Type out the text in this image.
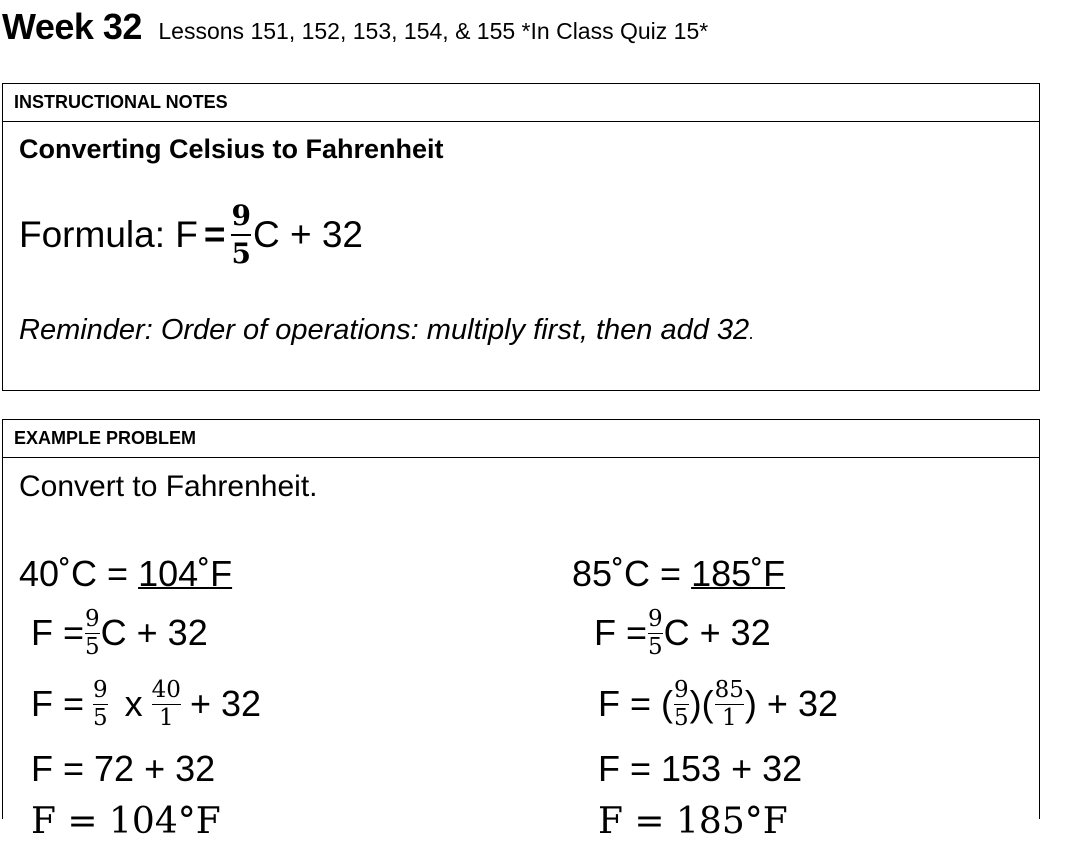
Week 32 Lessons 151, 152, 153, 154, & 155 *In Class Quiz 15*
INSTRUCTIONAL NOTES
Converting Celsius to Fahrenheit
Formula: $F = \frac{9}{5}$ C + 32
Reminder: Order of operations: multiply first, then add 32.
EXAMPLE PROBLEM
Convert to Fahrenheit.
40˚C = 104˚F
$F = \frac{9}{5}$ C + 32
$F = \frac{9}{5}$ x $\frac{40}{1} + 32$
F = 72 + 32
F = 104°F
85˚C = 185˚F
$F = \frac{9}{5}$ C + 32
F = ( $\frac{9}{5}$ )( $\frac{85}{1}$ ) + 32
F = 153 + 32
F = 185°F
